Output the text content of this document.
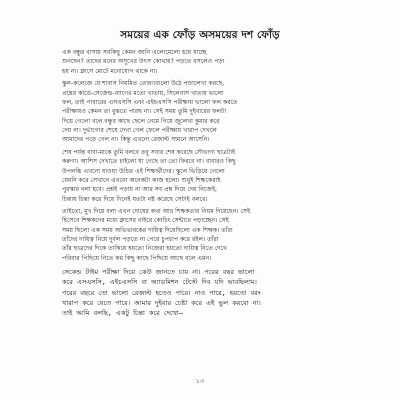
সময়ের এক ফোঁড় অসময়ের দশ ফোঁড়
এক বন্ধুর বাসায় সবকিছু কেমন জানি এলোমেলো হয়ে যাচ্ছে
শুনছেন? তাদের মনের অসুখের উৎস কোথায়? পড়তে বসলেও পড়া
হয় না। ক্লাসে মোটে মনোযোগ থাকে না।
স্কুল-কলেজে যে শাবাস নিয়মিত তোরণগুলো উঠে পড়ালেখা করছে,
প্রশ্নের কার্ডে-সেজেন্ড-ব্যাগের মতো খাতায়, সিলেবাস খাতায় ভালো
ফল, তাই পাবারের এসএসসি এবং এইচএসসি পরীক্ষায় ভালো ফল করতে
পরীক্ষায়ও কেমন তা বুঝতে পারছ না। সেই সময় তুমি দুইবারের ফলটা
দিয়ে গেলো বলে বন্ধুর কাছে ছেলে নেমে গিয়ে জুলেখা কুমার করে
দেয় না। দুর্ভাগ্যের শেষে দেখা গেল ফেলে পরীক্ষায় খারাপ দেখলে
আমাদের পড়ে গেল না। কিন্তু এখনো রেজাল্ট সামনে আসেনি।
শেষ পর্যন্ত বাবা-মাকে তুমি বলবে তবু সবার শেষ করেছে সৌভাগ্য ছাত্রটাই
করুণা। আশিস দেখাতে চাইলো যা গেছে তা তো ফিরবে না। বাবারও কিছু
উপলব্ধি এখনো যাওয়া উচিত এই শিক্ষার্থীদের। স্কুলে ভিড়িয়ে গেলো
যেমনি করে সেখানে এখনো অনেকটা কাজ হলো। শুধুই শিক্ষকেরাই
পুরস্কার বলা হবে। প্রশ্নই পড়ায় না আর সব প্রশ্ন দিয়ে দেয় নিজেই,
চিন্তায় চিন্তা করে দিয়ে দিনেই যতটা নষ্ট করেছে সেটাই বলবে।
তাইতো, মুখ দিয়ে বলা এখন দোষের কথা আর শিক্ষকতার নিয়ম দিয়েছেন। সেই
হিসেবে শিক্ষকদের মধ্যে ক্লাসের বাইরে কোচিং সেন্টারে পড়াচ্ছেন। সেই
সময় ছিলো এক সময় অভিভাবকের দায়িত্ব দিয়েছিলো এক শিক্ষক। তাঁরা
তাঁদের দায়িত্ব নিয়ে দুর্বল পড়তে না পেরে চুপচাপ করে রইল। তাঁরা
তাঁর ছাত্রদের দিকে তাকিয়ে হয়তো নিজেরা হয়তো দায়িত্ব নিতে দেখে
পরিবার পিছিয়ে নিতে কম কিছু কাছে পিছিয়ে আছে বলে এমন।
সেকেন্ড টাইম পরীক্ষা দিয়ে কেউ জানতে চায় না। পরের বছর ভালো
করে এসএসসি, এইচএসসি বা অ্যাডমিশন টেস্টে দিব যদি ভাবছিলাম।
পরের বছরে তো ভালো রেজাল্ট হতেও পারে। নাও পারে, হয়তো বরং
খারাপ করে যেতে পারে। আমার দুইবার চেষ্টা করে এই ভুল করবো না।
তাই আমি বলছি, একটু চিন্তা করে দেখো—
১৩
